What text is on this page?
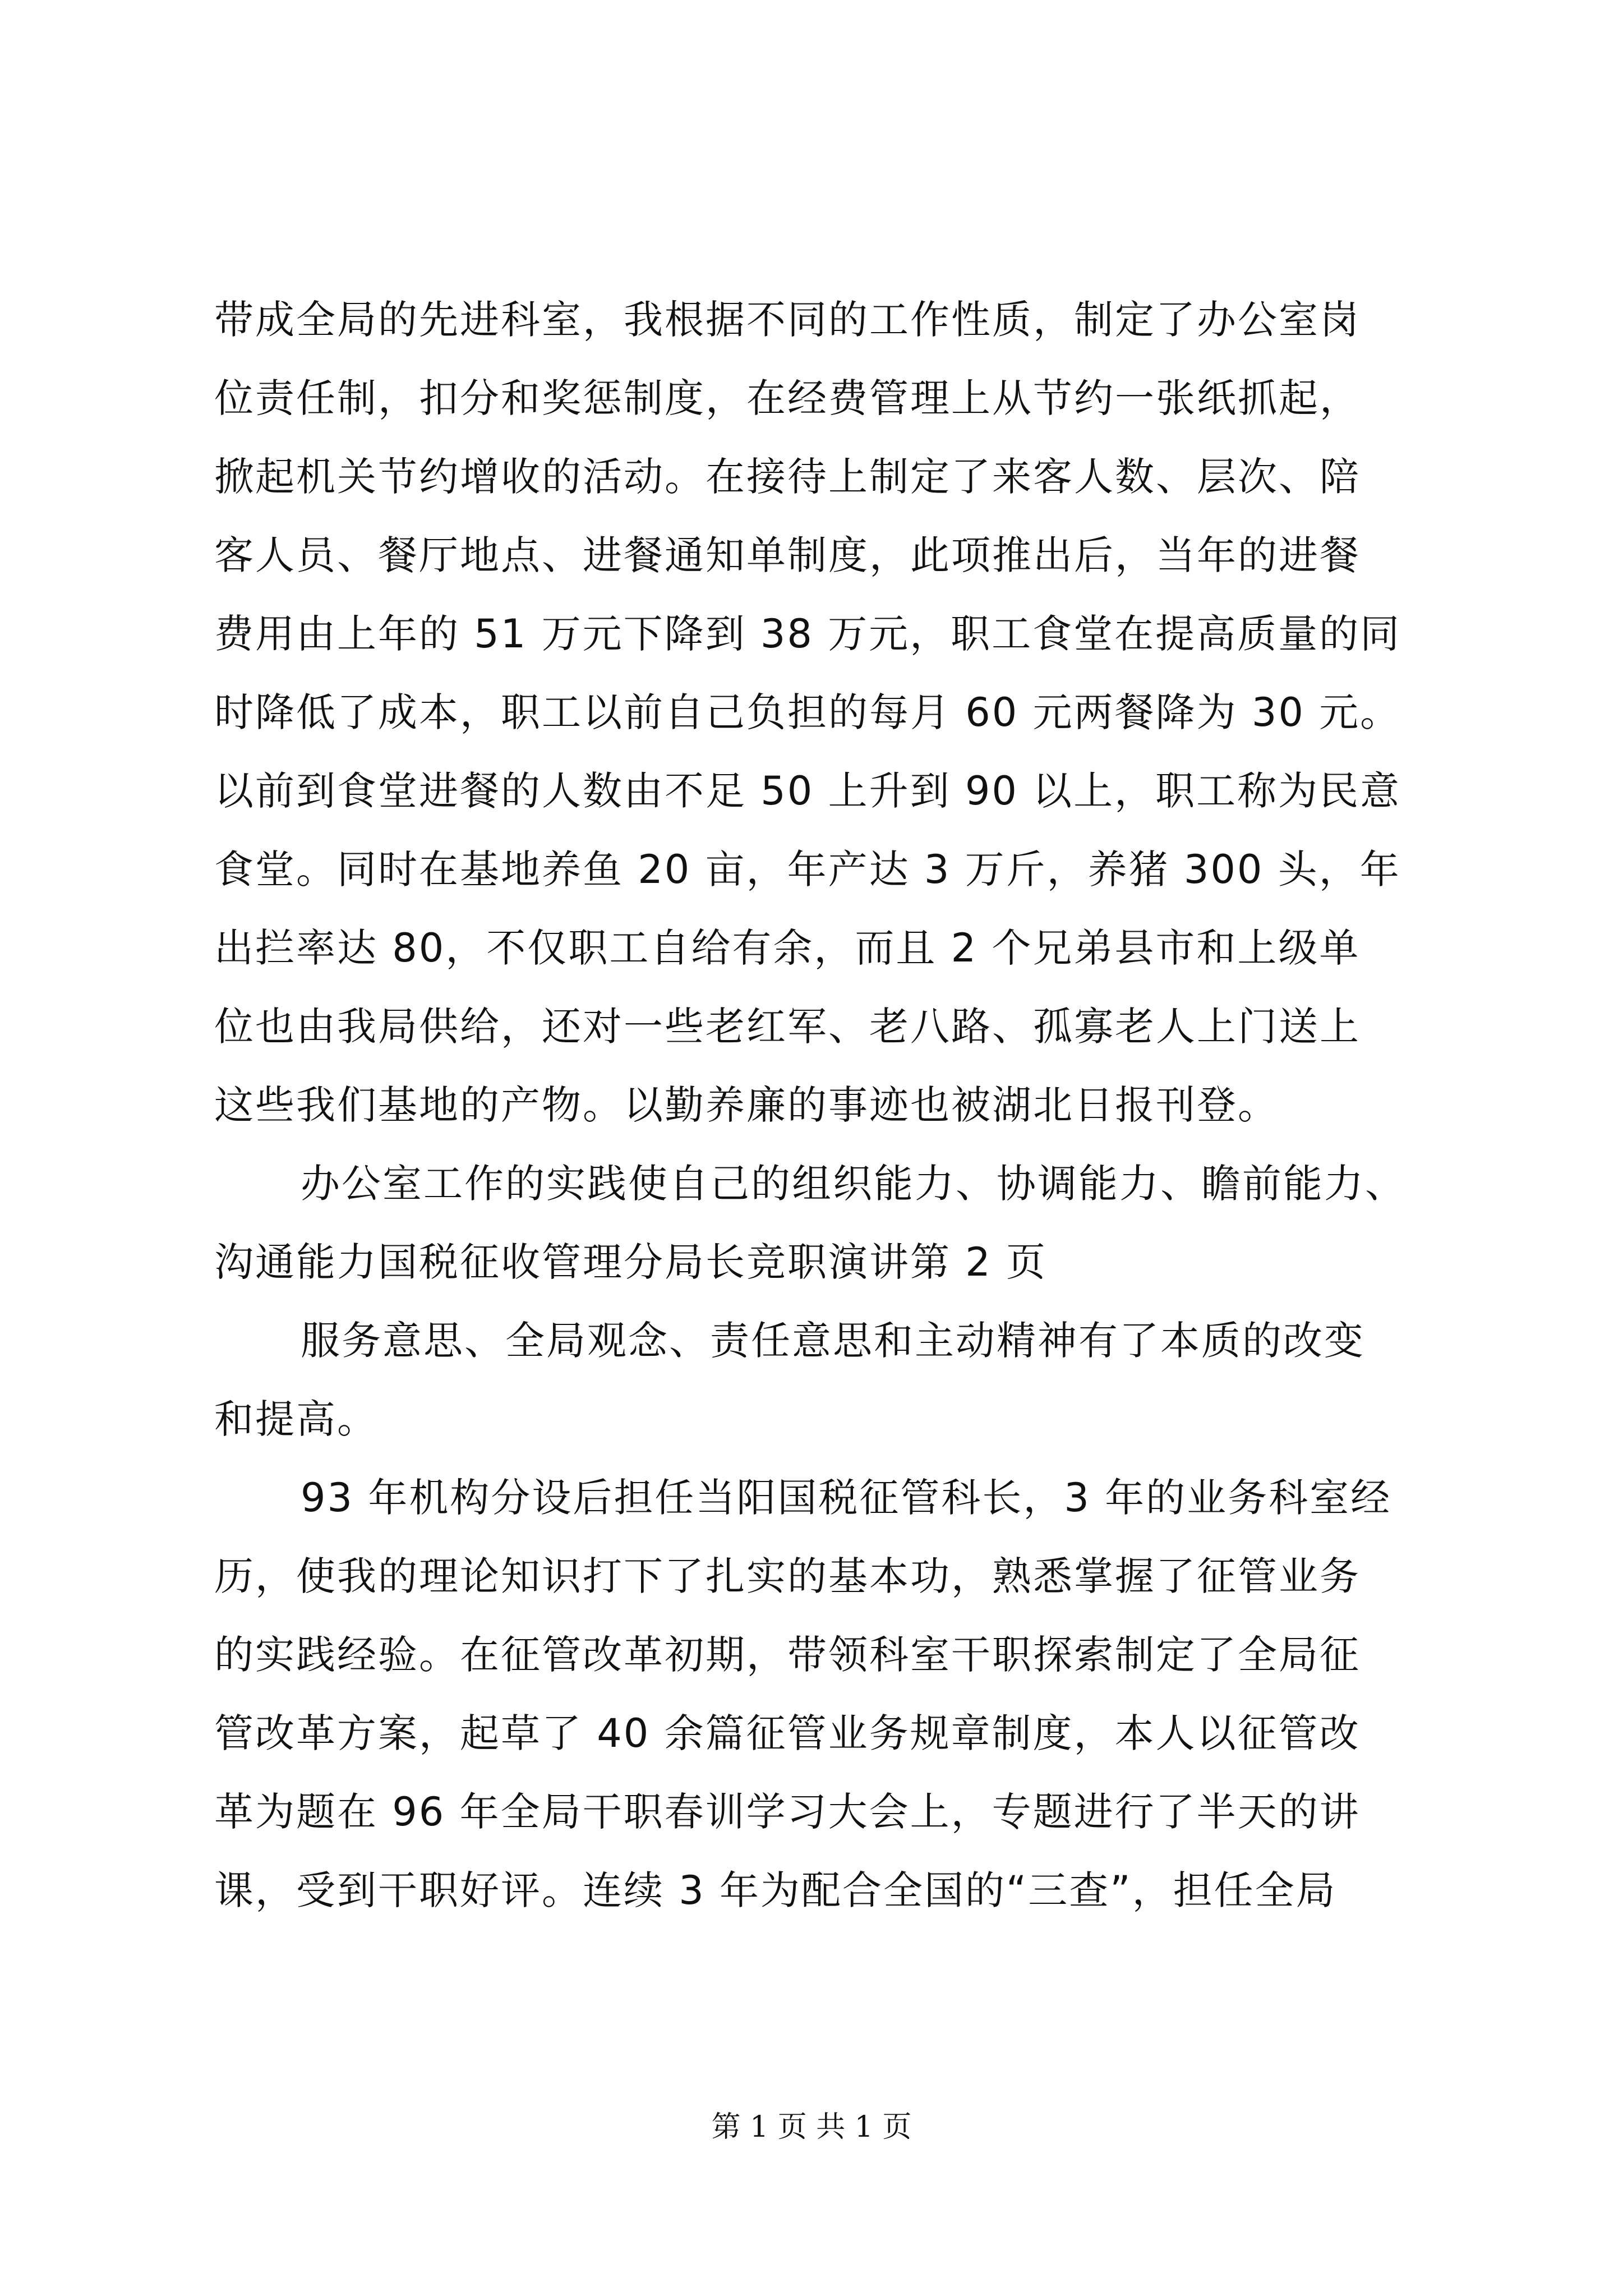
带成全局的先进科室，我根据不同的工作性质，制定了办公室岗
位责任制，扣分和奖惩制度，在经费管理上从节约一张纸抓起，
掀起机关节约增收的活动。在接待上制定了来客人数、层次、陪
客人员、餐厅地点、进餐通知单制度，此项推出后，当年的进餐
费用由上年的 51 万元下降到 38 万元，职工食堂在提高质量的同
时降低了成本，职工以前自己负担的每月 60 元两餐降为 30 元。
以前到食堂进餐的人数由不足 50 上升到 90 以上，职工称为民意
食堂。同时在基地养鱼 20 亩，年产达 3 万斤，养猪 300 头，年
出拦率达 80，不仅职工自给有余，而且 2 个兄弟县市和上级单
位也由我局供给，还对一些老红军、老八路、孤寡老人上门送上
这些我们基地的产物。以勤养廉的事迹也被湖北日报刊登。
办公室工作的实践使自己的组织能力、协调能力、瞻前能力、
沟通能力国税征收管理分局长竞职演讲第 2 页
服务意思、全局观念、责任意思和主动精神有了本质的改变
和提高。
93 年机构分设后担任当阳国税征管科长，3 年的业务科室经
历，使我的理论知识打下了扎实的基本功，熟悉掌握了征管业务
的实践经验。在征管改革初期，带领科室干职探索制定了全局征
管改革方案，起草了 40 余篇征管业务规章制度，本人以征管改
革为题在 96 年全局干职春训学习大会上，专题进行了半天的讲
课，受到干职好评。连续 3 年为配合全国的“三查”，担任全局
第 1 页 共 1 页
